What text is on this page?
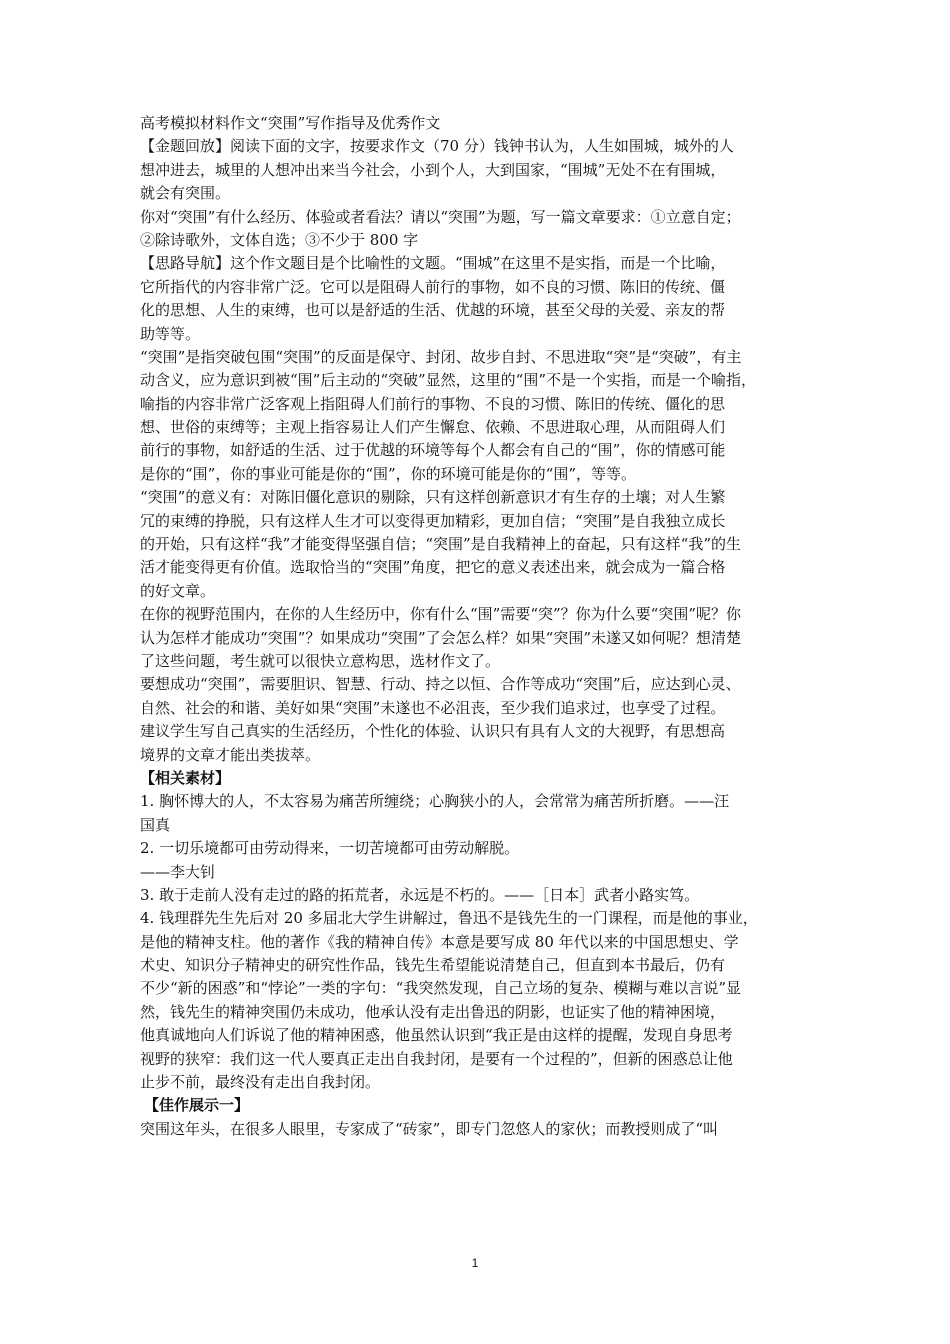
高考模拟材料作文“突围”写作指导及优秀作文
【金题回放】阅读下面的文字，按要求作文（70 分）钱钟书认为，人生如围城，城外的人
想冲进去，城里的人想冲出来当今社会，小到个人，大到国家，“围城”无处不在有围城，
就会有突围。
你对“突围”有什么经历、体验或者看法？请以“突围”为题，写一篇文章要求：①立意自定；
②除诗歌外，文体自选；③不少于 800 字
【思路导航】这个作文题目是个比喻性的文题。“围城”在这里不是实指，而是一个比喻，
它所指代的内容非常广泛。它可以是阻碍人前行的事物，如不良的习惯、陈旧的传统、僵
化的思想、人生的束缚，也可以是舒适的生活、优越的环境，甚至父母的关爱、亲友的帮
助等等。
“突围”是指突破包围“突围”的反面是保守、封闭、故步自封、不思进取“突”是“突破”，有主
动含义，应为意识到被“围”后主动的“突破”显然，这里的“围”不是一个实指，而是一个喻指，
喻指的内容非常广泛客观上指阻碍人们前行的事物、不良的习惯、陈旧的传统、僵化的思
想、世俗的束缚等；主观上指容易让人们产生懈怠、依赖、不思进取心理，从而阻碍人们
前行的事物，如舒适的生活、过于优越的环境等每个人都会有自己的“围”，你的情感可能
是你的“围”，你的事业可能是你的“围”，你的环境可能是你的“围”，等等。
“突围”的意义有：对陈旧僵化意识的剔除，只有这样创新意识才有生存的土壤；对人生繁
冗的束缚的挣脱，只有这样人生才可以变得更加精彩，更加自信；“突围”是自我独立成长
的开始，只有这样“我”才能变得坚强自信；“突围”是自我精神上的奋起，只有这样“我”的生
活才能变得更有价值。选取恰当的“突围”角度，把它的意义表述出来，就会成为一篇合格
的好文章。
在你的视野范围内，在你的人生经历中，你有什么“围”需要“突”？你为什么要“突围”呢？你
认为怎样才能成功“突围”？如果成功“突围”了会怎么样？如果“突围”未遂又如何呢？想清楚
了这些问题，考生就可以很快立意构思，选材作文了。
要想成功“突围”，需要胆识、智慧、行动、持之以恒、合作等成功“突围”后，应达到心灵、
自然、社会的和谐、美好如果“突围”未遂也不必沮丧，至少我们追求过，也享受了过程。
建议学生写自己真实的生活经历，个性化的体验、认识只有具有人文的大视野，有思想高
境界的文章才能出类拔萃。
【相关素材】
1. 胸怀博大的人，不太容易为痛苦所缠绕；心胸狭小的人，会常常为痛苦所折磨。——汪
国真
2. 一切乐境都可由劳动得来，一切苦境都可由劳动解脱。
——李大钊
3. 敢于走前人没有走过的路的拓荒者，永远是不朽的。——［日本］武者小路实笃。
4. 钱理群先生先后对 20 多届北大学生讲解过，鲁迅不是钱先生的一门课程，而是他的事业，
是他的精神支柱。他的著作《我的精神自传》本意是要写成 80 年代以来的中国思想史、学
术史、知识分子精神史的研究性作品，钱先生希望能说清楚自己，但直到本书最后，仍有
不少“新的困惑”和“悖论”一类的字句：“我突然发现，自己立场的复杂、模糊与难以言说”显
然，钱先生的精神突围仍未成功，他承认没有走出鲁迅的阴影，也证实了他的精神困境，
他真诚地向人们诉说了他的精神困惑，他虽然认识到“我正是由这样的提醒，发现自身思考
视野的狭窄：我们这一代人要真正走出自我封闭，是要有一个过程的”，但新的困惑总让他
止步不前，最终没有走出自我封闭。
【佳作展示一】
突围这年头，在很多人眼里，专家成了“砖家”，即专门忽悠人的家伙；而教授则成了“叫
1
